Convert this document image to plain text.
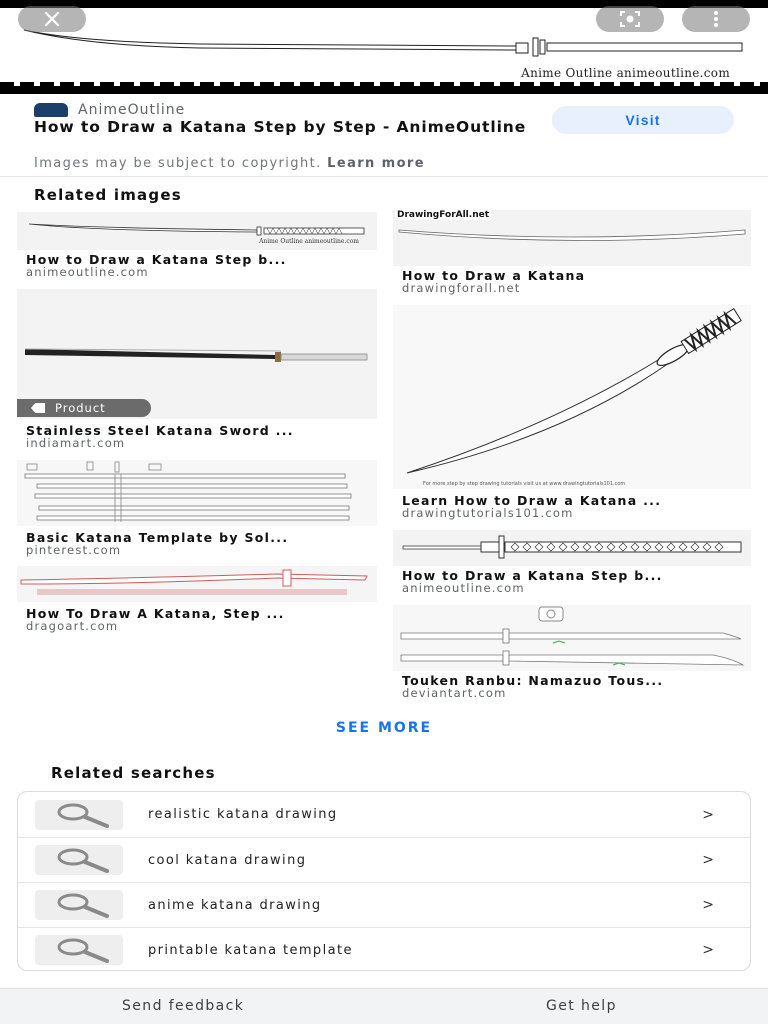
Anime Outline animeoutline.com
AnimeOutline
How to Draw a Katana Step by Step - AnimeOutline	Visit
Images may be subject to copyright. Learn more
Related images
Anime Outline animeoutline.com
How to Draw a Katana Step b...
animeoutline.com
Product
Stainless Steel Katana Sword ...
indiamart.com
Basic Katana Template by Sol...
pinterest.com
How To Draw A Katana, Step ...
dragoart.com
DrawingForAll.net
How to Draw a Katana
drawingforall.net
For more step by step drawing tutorials visit us at www.drawingtutorials101.com
Learn How to Draw a Katana ...
drawingtutorials101.com
How to Draw a Katana Step b...
animeoutline.com
Touken Ranbu: Namazuo Tous...
deviantart.com
SEE MORE
Related searches
realistic katana drawing	>
cool katana drawing	>
anime katana drawing	>
printable katana template	>
Send feedback	Get help
